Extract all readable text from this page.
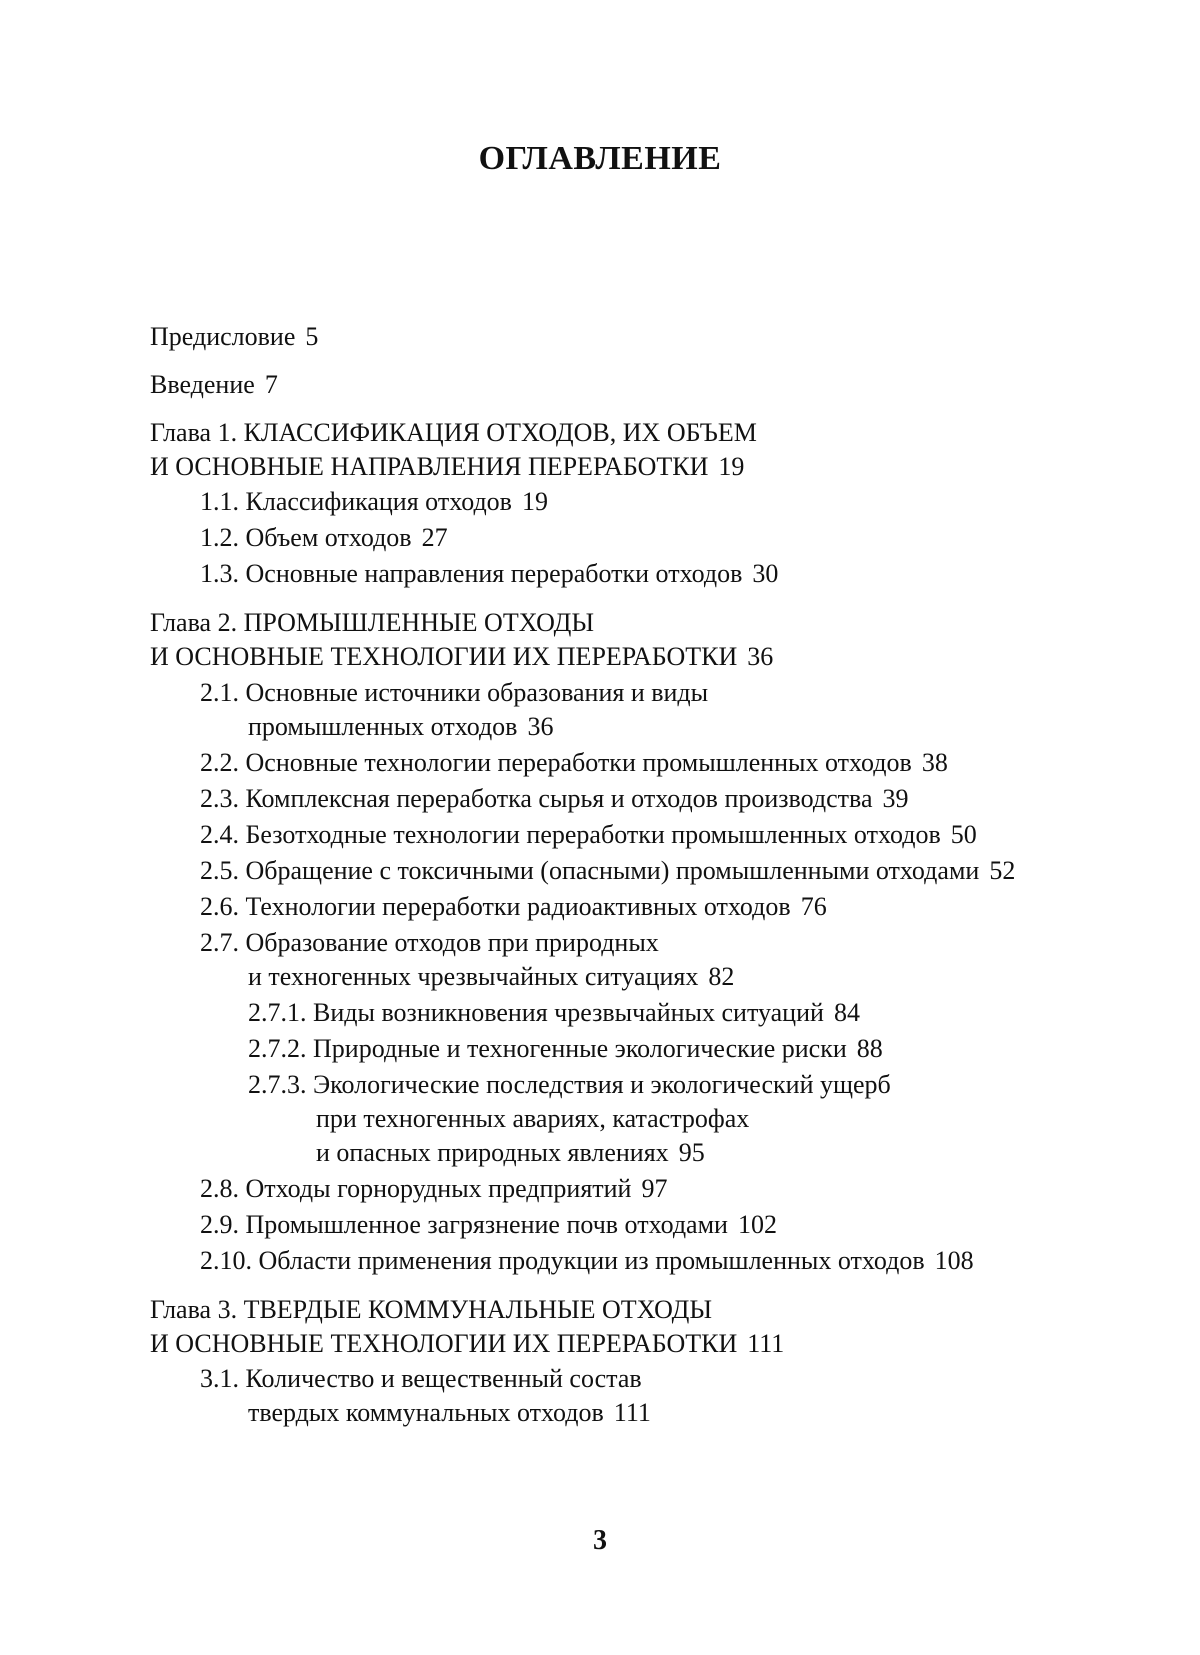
ОГЛАВЛЕНИЕ
Предисловие 5
Введение 7
Глава 1. КЛАССИФИКАЦИЯ ОТХОДОВ, ИХ ОБЪЕМ
И ОСНОВНЫЕ НАПРАВЛЕНИЯ ПЕРЕРАБОТКИ 19
1.1. Классификация отходов 19
1.2. Объем отходов 27
1.3. Основные направления переработки отходов 30
Глава 2. ПРОМЫШЛЕННЫЕ ОТХОДЫ
И ОСНОВНЫЕ ТЕХНОЛОГИИ ИХ ПЕРЕРАБОТКИ 36
2.1. Основные источники образования и виды
промышленных отходов 36
2.2. Основные технологии переработки промышленных отходов 38
2.3. Комплексная переработка сырья и отходов производства 39
2.4. Безотходные технологии переработки промышленных отходов 50
2.5. Обращение с токсичными (опасными) промышленными отходами 52
2.6. Технологии переработки радиоактивных отходов 76
2.7. Образование отходов при природных
и техногенных чрезвычайных ситуациях 82
2.7.1. Виды возникновения чрезвычайных ситуаций 84
2.7.2. Природные и техногенные экологические риски 88
2.7.3. Экологические последствия и экологический ущерб
при техногенных авариях, катастрофах
и опасных природных явлениях 95
2.8. Отходы горнорудных предприятий 97
2.9. Промышленное загрязнение почв отходами 102
2.10. Области применения продукции из промышленных отходов 108
Глава 3. ТВЕРДЫЕ КОММУНАЛЬНЫЕ ОТХОДЫ
И ОСНОВНЫЕ ТЕХНОЛОГИИ ИХ ПЕРЕРАБОТКИ 111
3.1. Количество и вещественный состав
твердых коммунальных отходов 111
3
